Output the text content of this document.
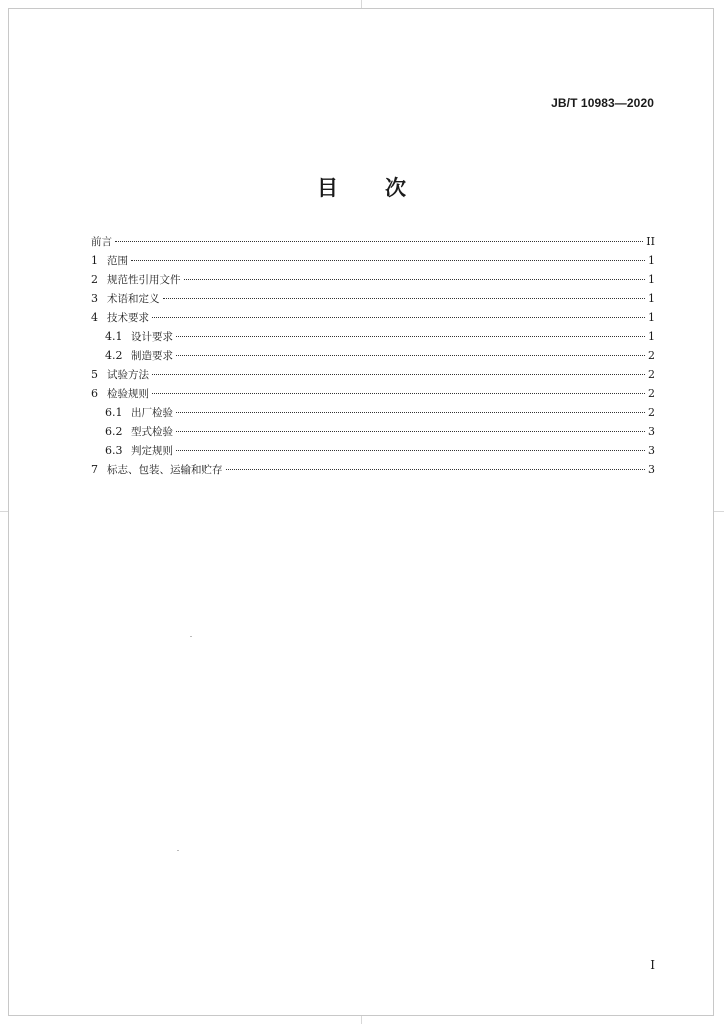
JB/T 10983—2020
目 次
前言	II
1 范围	1
2 规范性引用文件	1
3 术语和定义	1
4 技术要求	1
4.1 设计要求	1
4.2 制造要求	2
5 试验方法	2
6 检验规则	2
6.1 出厂检验	2
6.2 型式检验	3
6.3 判定规则	3
7 标志、包装、运输和贮存	3
I
